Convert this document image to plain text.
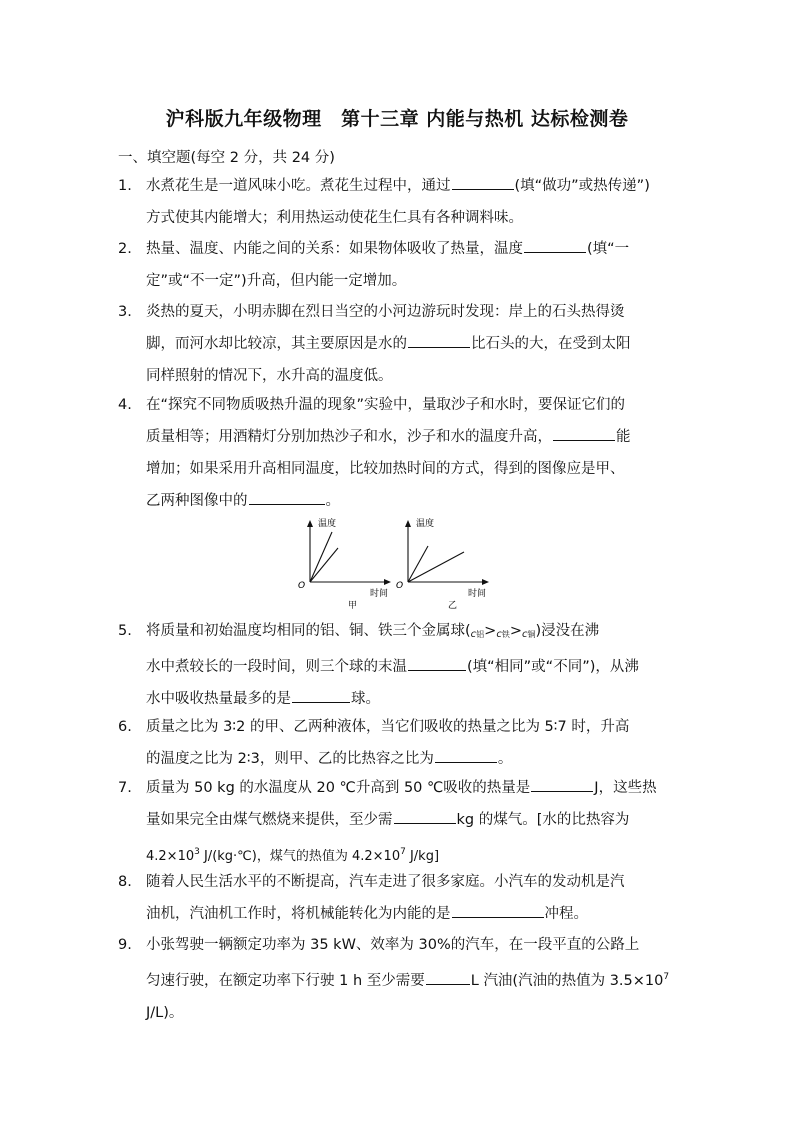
沪科版九年级物理　第十三章 内能与热机 达标检测卷
一、填空题(每空 2 分，共 24 分)
1. 水煮花生是一道风味小吃。煮花生过程中，通过	(填“做功”或热传递”)
方式使其内能增大；利用热运动使花生仁具有各种调料味。
2. 热量、温度、内能之间的关系：如果物体吸收了热量，温度	(填“一
定”或“不一定”)升高，但内能一定增加。
3. 炎热的夏天，小明赤脚在烈日当空的小河边游玩时发现：岸上的石头热得烫
脚，而河水却比较凉，其主要原因是水的	比石头的大，在受到太阳
同样照射的情况下，水升高的温度低。
4. 在“探究不同物质吸热升温的现象”实验中，量取沙子和水时，要保证它们的
质量相等；用酒精灯分别加热沙子和水，沙子和水的温度升高，	能
增加；如果采用升高相同温度，比较加热时间的方式，得到的图像应是甲、
乙两种图像中的	。
温度
O
时间
甲
温度
O
时间
乙
5. 将质量和初始温度均相同的铝、铜、铁三个金属球$(_{c铝}>_{c铁}>_{c铜})$浸没在沸
水中煮较长的一段时间，则三个球的末温	(填“相同”或“不同”)，从沸
水中吸收热量最多的是	球。
6. 质量之比为 3∶2 的甲、乙两种液体，当它们吸收的热量之比为 5∶7 时，升高
的温度之比为 2∶3，则甲、乙的比热容之比为	。
7. 质量为 50 kg 的水温度从 20 ℃升高到 50 ℃吸收的热量是	J，这些热
量如果完全由煤气燃烧来提供，至少需	kg 的煤气。[水的比热容为
$4.2\times 10^3$ J/(kg·℃)，煤气的热值为 $4.2\times 10^7$ J/kg]
8. 随着人民生活水平的不断提高，汽车走进了很多家庭。小汽车的发动机是汽
油机，汽油机工作时，将机械能转化为内能的是	冲程。
9. 小张驾驶一辆额定功率为 35 kW、效率为 30%的汽车，在一段平直的公路上
匀速行驶，在额定功率下行驶 1 h 至少需要	L 汽油(汽油的热值为 $3.5\times 10^7$
J/L)。
